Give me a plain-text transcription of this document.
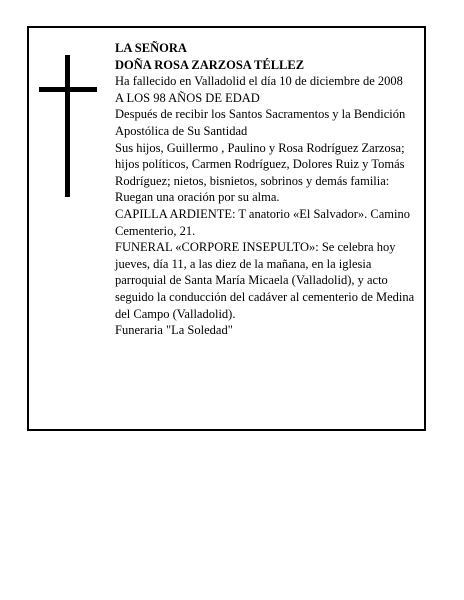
LA SEÑORA

DOÑA ROSA ZARZOSA TÉLLEZ

Ha fallecido en Valladolid el día 10 de diciembre de 2008

A LOS 98 AÑOS DE EDAD

Después de recibir los Santos Sacramentos y la Bendición Apostólica de Su Santidad

Sus hijos, Guillermo , Paulino y Rosa Rodríguez Zarzosa; hijos políticos, Carmen Rodríguez, Dolores Ruiz y Tomás Rodríguez; nietos, bisnietos, sobrinos y demás familia:

Ruegan una oración por su alma.

CAPILLA ARDIENTE: T anatorio «El Salvador». Camino Cementerio, 21.

FUNERAL «CORPORE INSEPULTO»: Se celebra hoy jueves, día 11, a las diez de la mañana, en la iglesia parroquial de Santa María Micaela (Valladolid), y acto seguido la conducción del cadáver al cementerio de Medina del Campo (Valladolid).

Funeraria "La Soledad"
